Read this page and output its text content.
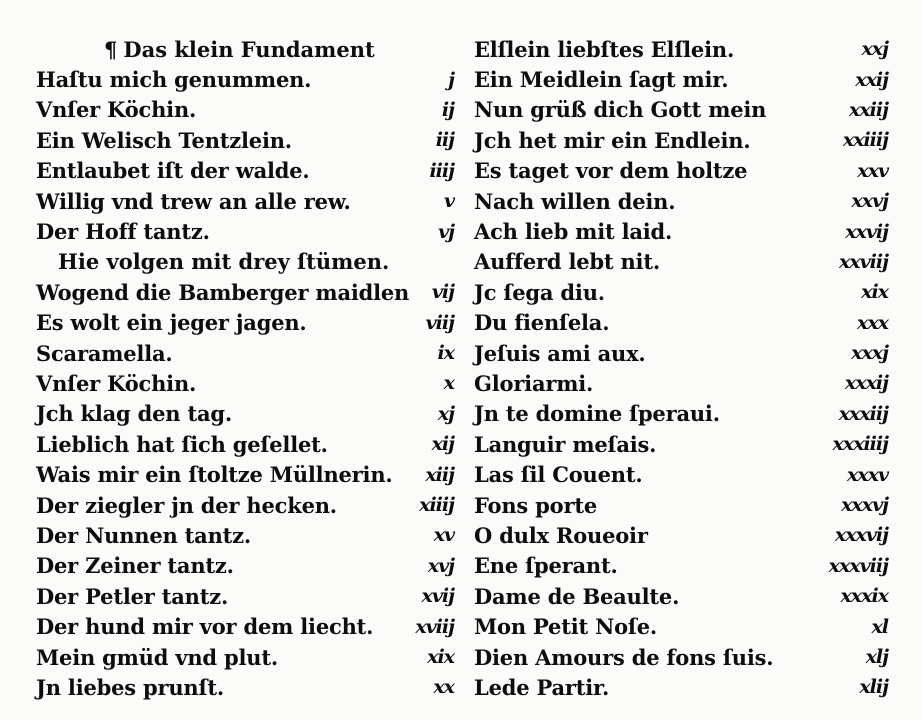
¶ Das klein Fundament
Haſtu mich genummen.	j
Vnſer Köchin.	ij
Ein Welisch Tentzlein.	iij
Entlaubet iſt der walde.	iiij
Willig vnd trew an alle rew.	v
Der Hoff tantz.	vj
Hie volgen mit drey ſtümen.
Wogend die Bamberger maidlen vij
Es wolt ein jeger jagen.	viij
Scaramella.	ix
Vnſer Köchin.	x
Jch klag den tag.	xj
Lieblich hat ſich geſellet.	xij
Wais mir ein ſtoltze Müllnerin. xiij
Der ziegler jn der hecken.	xiiij
Der Nunnen tantz.	xv
Der Zeiner tantz.	xvj
Der Petler tantz.	xvij
Der hund mir vor dem liecht. xviij
Mein gmüd vnd plut.	xix
Jn liebes prunſt.	xx
Elſlein liebſtes Elſlein.	xxj
Ein Meidlein ſagt mir.	xxij
Nun grüß dich Gott mein	xxiij
Jch het mir ein Endlein.	xxiiij
Es taget vor dem holtze	xxv
Nach willen dein.	xxvj
Ach lieb mit laid.	xxvij
Aufferd lebt nit.	xxviij
Jc ſega diu.	xix
Du fienſela.	xxx
Jeſuis ami aux.	xxxj
Gloriarmi.	xxxij
Jn te domine ſperaui.	xxxiij
Languir meſais.	xxxiiij
Las ſil Couent.	xxxv
Fons porte	xxxvj
O dulx Roueoir	xxxvij
Ene ſperant.	xxxviij
Dame de Beaulte.	xxxix
Mon Petit Noſe.	xl
Dien Amours de fons ſuis.	xlj
Lede Partir.	xlij
